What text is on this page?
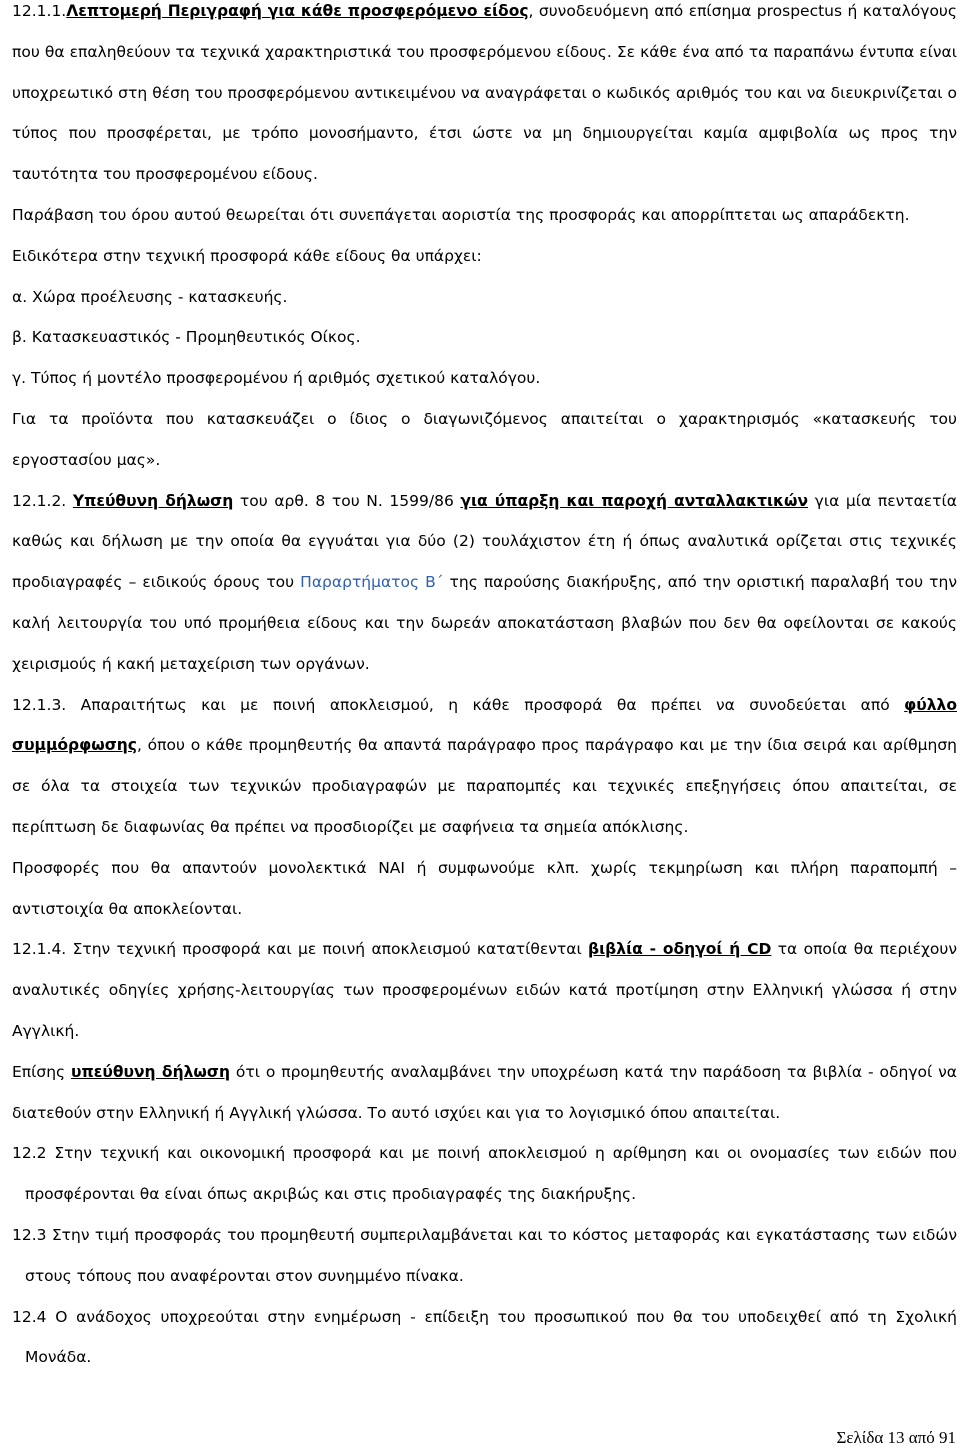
12.1.1.Λεπτομερή Περιγραφή για κάθε προσφερόμενο είδος, συνοδευόμενη από επίσημα prospectus ή καταλόγους που θα επαληθεύουν τα τεχνικά χαρακτηριστικά του προσφερόμενου είδους. Σε κάθε ένα από τα παραπάνω έντυπα είναι υποχρεωτικό στη θέση του προσφερόμενου αντικειμένου να αναγράφεται ο κωδικός αριθμός του και να διευκρινίζεται ο τύπος που προσφέρεται, με τρόπο μονοσήμαντο, έτσι ώστε να μη δημιουργείται καμία αμφιβολία ως προς την ταυτότητα του προσφερομένου είδους.

Παράβαση του όρου αυτού θεωρείται ότι συνεπάγεται αοριστία της προσφοράς και απορρίπτεται ως απαράδεκτη.

Ειδικότερα στην τεχνική προσφορά κάθε είδους θα υπάρχει:

α. Χώρα προέλευσης - κατασκευής.

β. Κατασκευαστικός - Προμηθευτικός Οίκος.

γ. Τύπος ή μοντέλο προσφερομένου ή αριθμός σχετικού καταλόγου.

Για τα προϊόντα που κατασκευάζει ο ίδιος ο διαγωνιζόμενος απαιτείται ο χαρακτηρισμός «κατασκευής του εργοστασίου μας».

12.1.2. Υπεύθυνη δήλωση του αρθ. 8 του Ν. 1599/86 για ύπαρξη και παροχή ανταλλακτικών για μία πενταετία καθώς και δήλωση με την οποία θα εγγυάται για δύο (2) τουλάχιστον έτη ή όπως αναλυτικά ορίζεται στις τεχνικές προδιαγραφές – ειδικούς όρους του Παραρτήματος Β΄ της παρούσης διακήρυξης, από την οριστική παραλαβή του την καλή λειτουργία του υπό προμήθεια είδους και την δωρεάν αποκατάσταση βλαβών που δεν θα οφείλονται σε κακούς χειρισμούς ή κακή μεταχείριση των οργάνων.

12.1.3. Απαραιτήτως και με ποινή αποκλεισμού, η κάθε προσφορά θα πρέπει να συνοδεύεται από φύλλο συμμόρφωσης, όπου ο κάθε προμηθευτής θα απαντά παράγραφο προς παράγραφο και με την ίδια σειρά και αρίθμηση σε όλα τα στοιχεία των τεχνικών προδιαγραφών με παραπομπές και τεχνικές επεξηγήσεις όπου απαιτείται, σε περίπτωση δε διαφωνίας θα πρέπει να προσδιορίζει με σαφήνεια τα σημεία απόκλισης.

Προσφορές που θα απαντούν μονολεκτικά ΝΑΙ ή συμφωνούμε κλπ. χωρίς τεκμηρίωση και πλήρη παραπομπή – αντιστοιχία θα αποκλείονται.

12.1.4. Στην τεχνική προσφορά και με ποινή αποκλεισμού κατατίθενται βιβλία - οδηγοί ή CD τα οποία θα περιέχουν αναλυτικές οδηγίες χρήσης-λειτουργίας των προσφερομένων ειδών κατά προτίμηση στην Ελληνική γλώσσα ή στην Αγγλική.

Επίσης υπεύθυνη δήλωση ότι ο προμηθευτής αναλαμβάνει την υποχρέωση κατά την παράδοση τα βιβλία - οδηγοί να διατεθούν στην Ελληνική ή Αγγλική γλώσσα. Το αυτό ισχύει και για το λογισμικό όπου απαιτείται.

12.2 Στην τεχνική και οικονομική προσφορά και με ποινή αποκλεισμού η αρίθμηση και οι ονομασίες των ειδών που προσφέρονται θα είναι όπως ακριβώς και στις προδιαγραφές της διακήρυξης.

12.3 Στην τιμή προσφοράς του προμηθευτή συμπεριλαμβάνεται και το κόστος μεταφοράς και εγκατάστασης των ειδών στους τόπους που αναφέρονται στον συνημμένο πίνακα.

12.4 Ο ανάδοχος υποχρεούται στην ενημέρωση - επίδειξη του προσωπικού που θα του υποδειχθεί από τη Σχολική Μονάδα.

Σελίδα 13 από 91
